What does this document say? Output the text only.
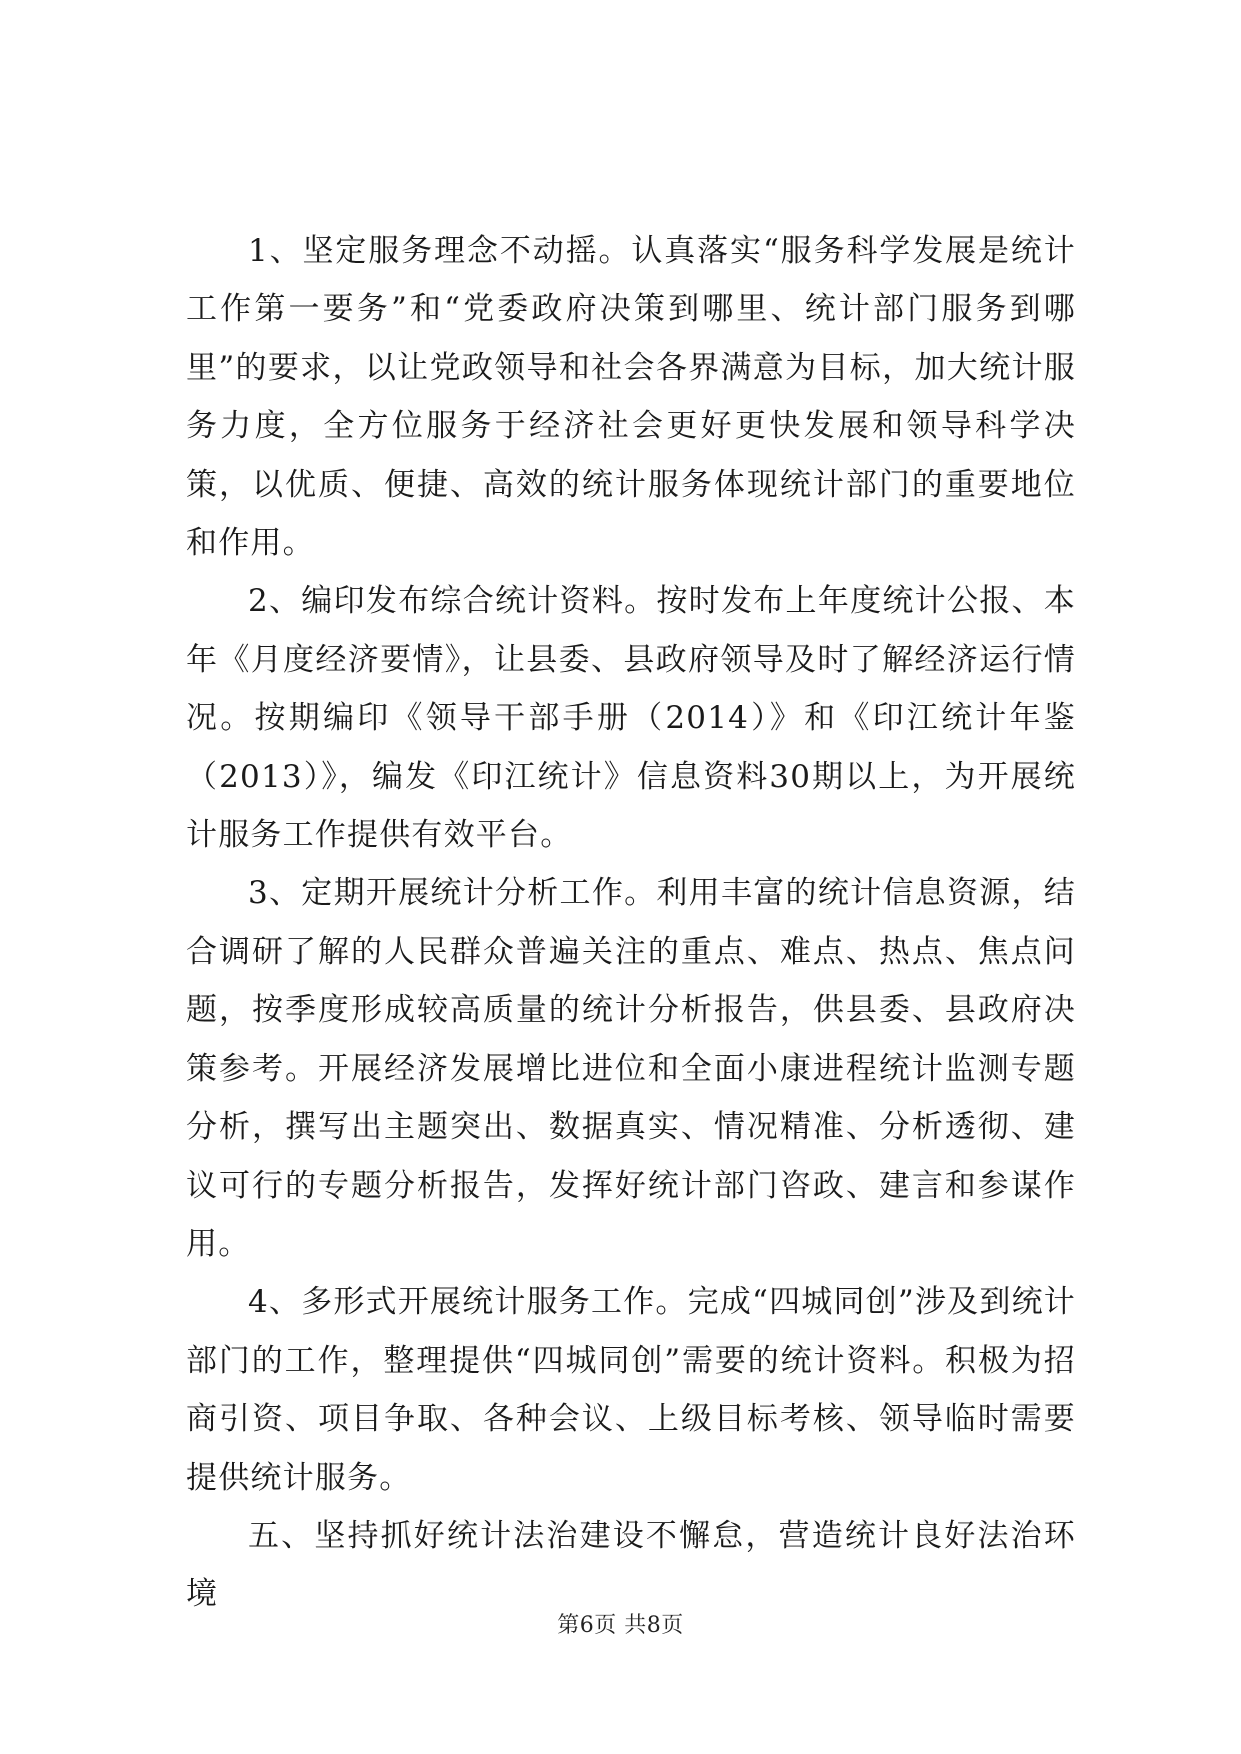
1、坚定服务理念不动摇。认真落实“服务科学发展是统计工作第一要务”和“党委政府决策到哪里、统计部门服务到哪里”的要求，以让党政领导和社会各界满意为目标，加大统计服务力度，全方位服务于经济社会更好更快发展和领导科学决策，以优质、便捷、高效的统计服务体现统计部门的重要地位和作用。

2、编印发布综合统计资料。按时发布上年度统计公报、本年《月度经济要情》，让县委、县政府领导及时了解经济运行情况。按期编印《领导干部手册（2014）》和《印江统计年鉴（2013）》，编发《印江统计》信息资料30期以上，为开展统计服务工作提供有效平台。

3、定期开展统计分析工作。利用丰富的统计信息资源，结合调研了解的人民群众普遍关注的重点、难点、热点、焦点问题，按季度形成较高质量的统计分析报告，供县委、县政府决策参考。开展经济发展增比进位和全面小康进程统计监测专题分析，撰写出主题突出、数据真实、情况精准、分析透彻、建议可行的专题分析报告，发挥好统计部门咨政、建言和参谋作用。

4、多形式开展统计服务工作。完成“四城同创”涉及到统计部门的工作，整理提供“四城同创”需要的统计资料。积极为招商引资、项目争取、各种会议、上级目标考核、领导临时需要提供统计服务。

五、坚持抓好统计法治建设不懈怠，营造统计良好法治环境

第6页 共8页
